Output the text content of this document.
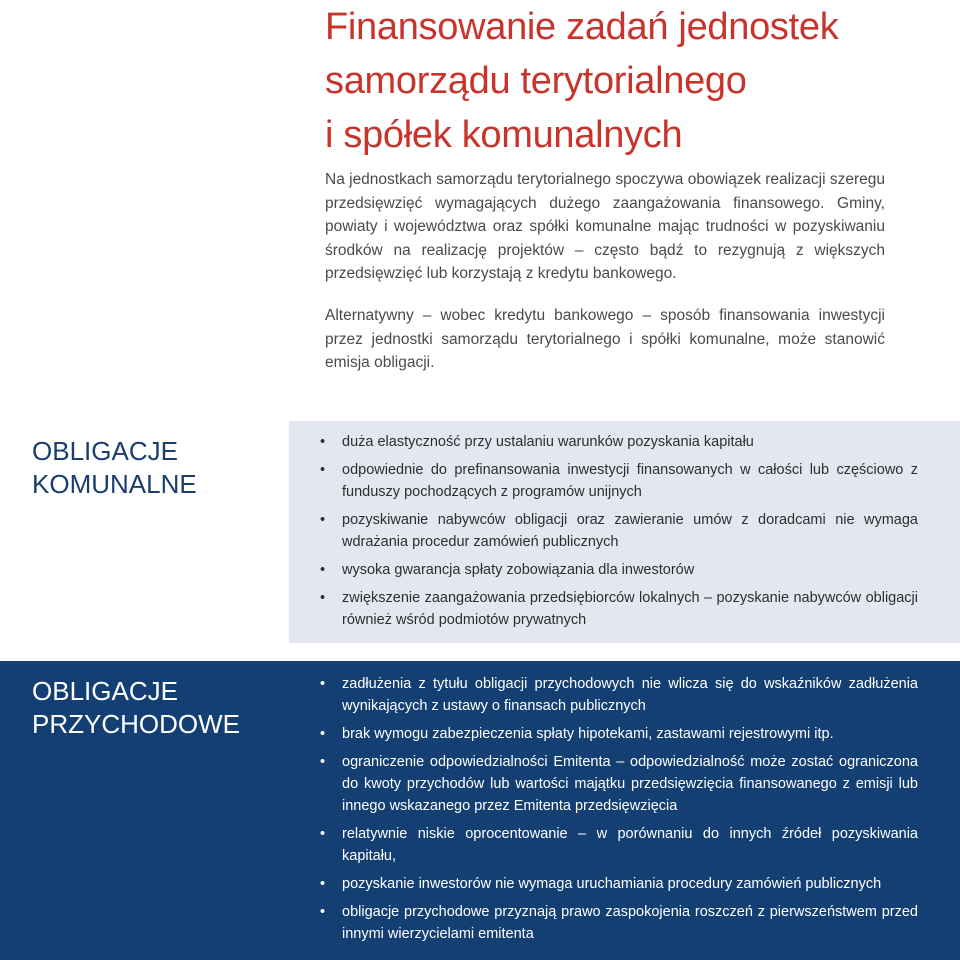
Finansowanie zadań jednostek
samorządu terytorialnego
i spółek komunalnych

Na jednostkach samorządu terytorialnego spoczywa obowiązek realizacji szeregu przedsięwzięć wymagających dużego zaangażowania finansowego. Gminy, powiaty i województwa oraz spółki komunalne mając trudności w pozyskiwaniu środków na realizację projektów – często bądź to rezygnują z większych przedsięwzięć lub korzystają z kredytu bankowego.

Alternatywny – wobec kredytu bankowego – sposób finansowania inwestycji przez jednostki samorządu terytorialnego i spółki komunalne, może stanowić emisja obligacji.

OBLIGACJE
KOMUNALNE
• duża elastyczność przy ustalaniu warunków pozyskania kapitału
• odpowiednie do prefinansowania inwestycji finansowanych w całości lub częściowo z funduszy pochodzących z programów unijnych
• pozyskiwanie nabywców obligacji oraz zawieranie umów z doradcami nie wymaga wdrażania procedur zamówień publicznych
• wysoka gwarancja spłaty zobowiązania dla inwestorów
• zwiększenie zaangażowania przedsiębiorców lokalnych – pozyskanie nabywców obligacji również wśród podmiotów prywatnych
OBLIGACJE
PRZYCHODOWE
• zadłużenia z tytułu obligacji przychodowych nie wlicza się do wskaźników zadłużenia wynikających z ustawy o finansach publicznych
• brak wymogu zabezpieczenia spłaty hipotekami, zastawami rejestrowymi itp.
• ograniczenie odpowiedzialności Emitenta – odpowiedzialność może zostać ograniczona do kwoty przychodów lub wartości majątku przedsięwzięcia finansowanego z emisji lub innego wskazanego przez Emitenta przedsięwzięcia
• relatywnie niskie oprocentowanie – w porównaniu do innych źródeł pozyskiwania kapitału,
• pozyskanie inwestorów nie wymaga uruchamiania procedury zamówień publicznych
• obligacje przychodowe przyznają prawo zaspokojenia roszczeń z pierwszeństwem przed innymi wierzycielami emitenta
